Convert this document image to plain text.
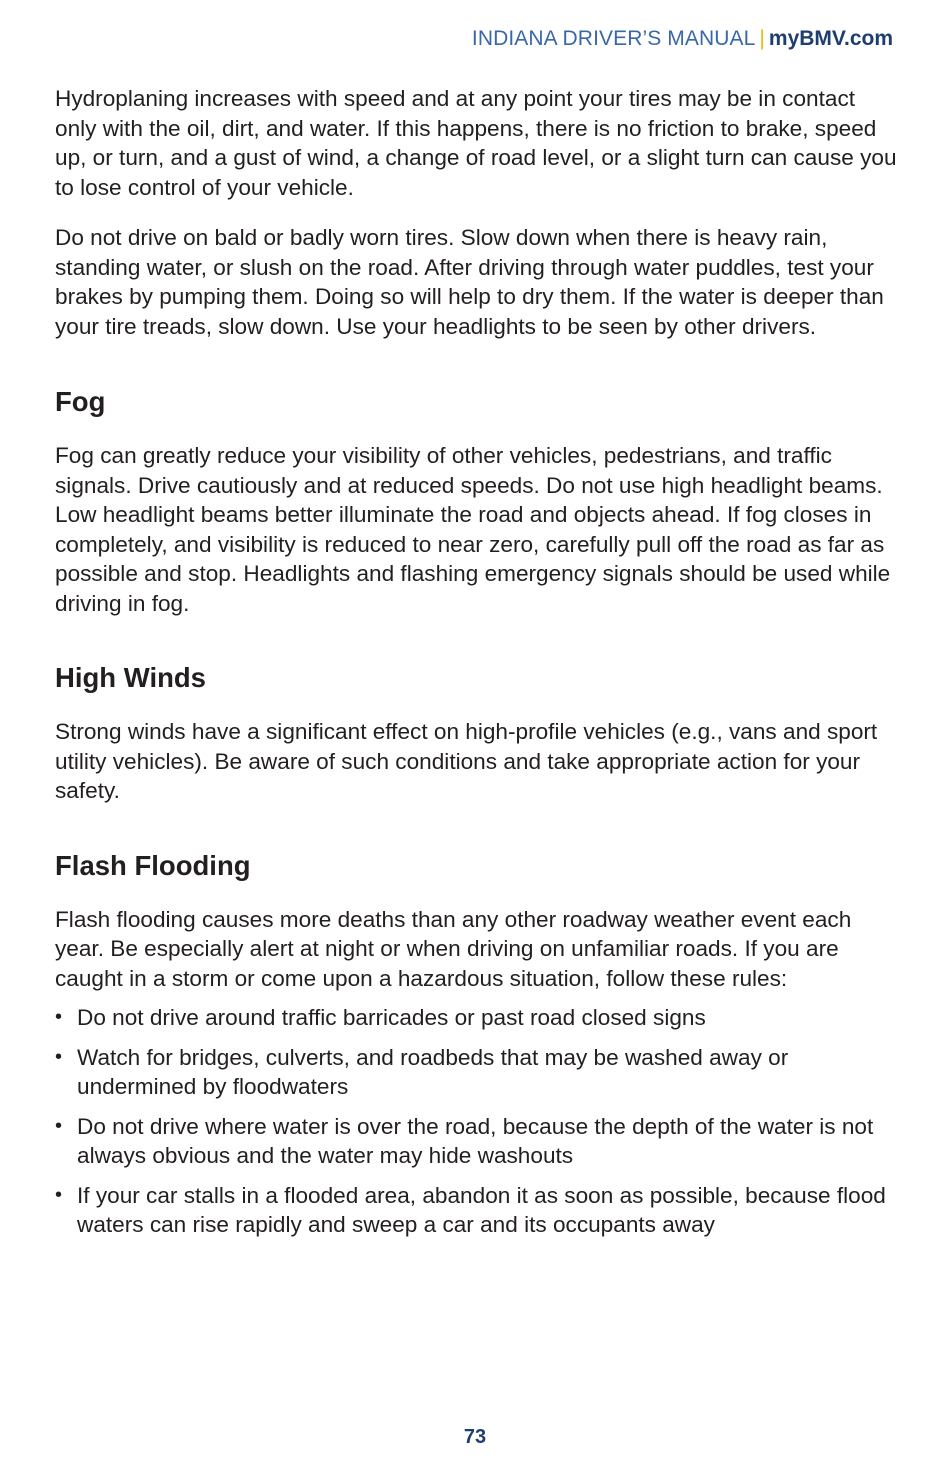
INDIANA DRIVER’S MANUAL | myBMV.com

Hydroplaning increases with speed and at any point your tires may be in contact only with the oil, dirt, and water. If this happens, there is no friction to brake, speed up, or turn, and a gust of wind, a change of road level, or a slight turn can cause you to lose control of your vehicle.

Do not drive on bald or badly worn tires. Slow down when there is heavy rain, standing water, or slush on the road. After driving through water puddles, test your brakes by pumping them. Doing so will help to dry them. If the water is deeper than your tire treads, slow down. Use your headlights to be seen by other drivers.

Fog

Fog can greatly reduce your visibility of other vehicles, pedestrians, and traffic signals. Drive cautiously and at reduced speeds. Do not use high headlight beams. Low headlight beams better illuminate the road and objects ahead. If fog closes in completely, and visibility is reduced to near zero, carefully pull off the road as far as possible and stop. Headlights and flashing emergency signals should be used while driving in fog.

High Winds

Strong winds have a significant effect on high-profile vehicles (e.g., vans and sport utility vehicles). Be aware of such conditions and take appropriate action for your safety.

Flash Flooding

Flash flooding causes more deaths than any other roadway weather event each year. Be especially alert at night or when driving on unfamiliar roads. If you are caught in a storm or come upon a hazardous situation, follow these rules:

• Do not drive around traffic barricades or past road closed signs
• Watch for bridges, culverts, and roadbeds that may be washed away or undermined by floodwaters
• Do not drive where water is over the road, because the depth of the water is not always obvious and the water may hide washouts
• If your car stalls in a flooded area, abandon it as soon as possible, because flood waters can rise rapidly and sweep a car and its occupants away
73
